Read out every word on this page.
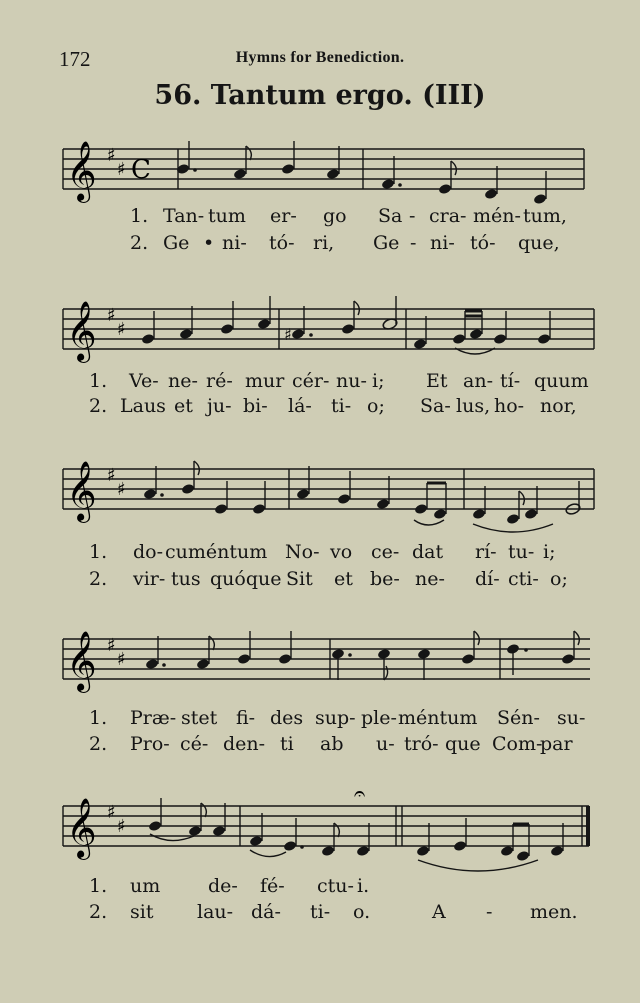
172	Hymns for Benediction.
56. Tantum ergo. (III)
𝄞 ♯
♯ C
1. Tan- tum er- go Sa - cra- mén- tum,
2. Ge • ni- tó- ri, Ge - ni- tó- que,
𝄞 ♯
♯	♯
1. Ve- ne- ré- mur cér- nu- i; Et an- tí- quum
2. Laus et ju- bi- lá- ti- o; Sa- lus, ho- nor,
𝄞 ♯
♯
1. do- cuméntum No- vo ce- dat rí- tu- i;
2. vir- tus quóque Sit et be- ne- dí- cti- o;
𝄞 ♯
♯
1. Præ- stet fi- des sup- ple- méntum Sén- su-
2. Pro- cé- den- ti ab u- tró- que Com-
par
𝄞 ♯
♯
𝄐
1. um	de- fé- ctu- i.
2. sit lau- dá- ti- o.	A - men.
